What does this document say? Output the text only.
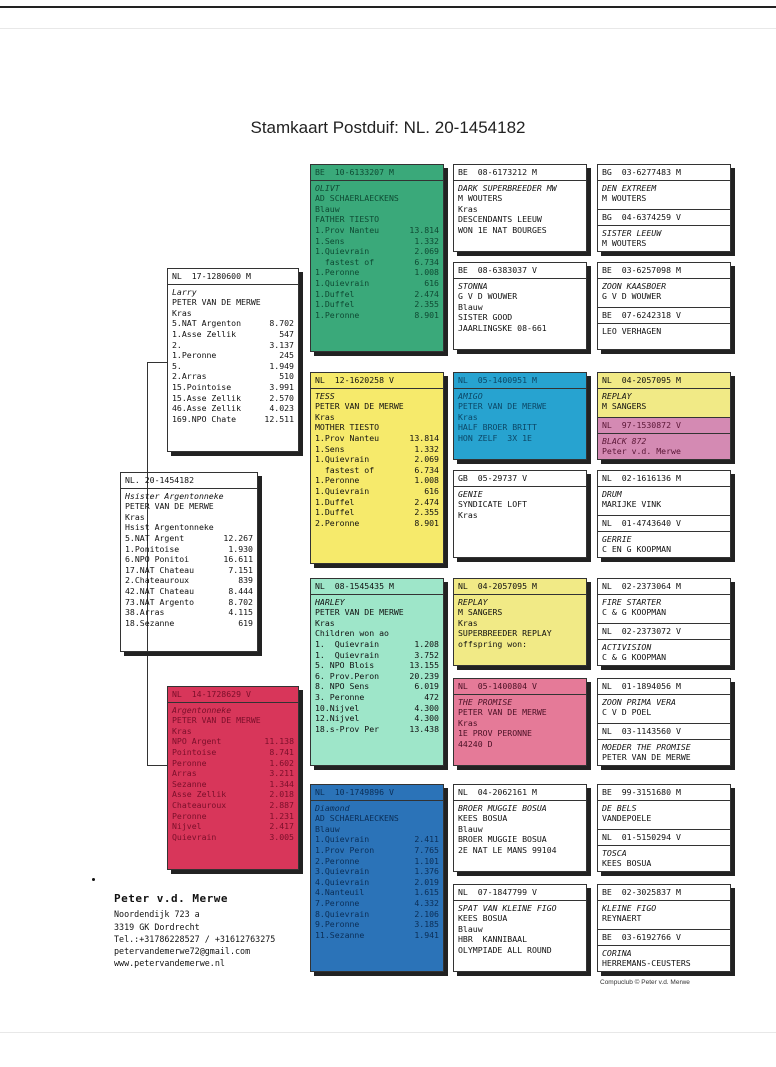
Stamkaart Postduif: NL. 20-1454182
NL. 20-1454182
Hsister Argentonneke
PETER VAN DE MERWE
Kras
Hsist Argentonneke
5.NAT Argent	12.267
1.Ponitoise	1.930
6.NPO Ponitoi	16.611
17.NAT Chateau	7.151
2.Chateauroux	839
42.NAT Chateau	8.444
73.NAT Argento	8.702
38.Arras	4.115
18.Sezanne	619
NL  17-1280600 M
Larry
PETER VAN DE MERWE
Kras
5.NAT Argenton	8.702
1.Asse Zellik	547
2.	3.137
1.Peronne	245
5.	1.949
2.Arras	510
15.Pointoise	3.991
15.Asse Zellik	2.570
46.Asse Zellik	4.023
169.NPO Chate	12.511
NL  14-1728629 V
Argentonneke
PETER VAN DE MERWE
Kras
NPO Argent	11.138
Pointoise	8.741
Peronne	1.602
Arras	3.211
Sezanne	1.344
Asse Zellik	2.018
Chateauroux	2.887
Peronne	1.231
Nijvel	2.417
Quievrain	3.005
BE  10-6133207 M
OLIVT
AD SCHAERLAECKENS
Blauw
FATHER TIESTO
1.Prov Nanteu	13.814
1.Sens	1.332
1.Quievrain	2.069
fastest of	6.734
1.Peronne	1.008
1.Quievrain	616
1.Duffel	2.474
1.Duffel	2.355
1.Peronne	8.901
NL  12-1620258 V
TESS
PETER VAN DE MERWE
Kras
MOTHER TIESTO
1.Prov Nanteu	13.814
1.Sens	1.332
1.Quievrain	2.069
fastest of	6.734
1.Peronne	1.008
1.Quievrain	616
1.Duffel	2.474
1.Duffel	2.355
2.Peronne	8.901
NL  08-1545435 M
HARLEY
PETER VAN DE MERWE
Kras
Children won ao
1.  Quievrain	1.208
1.  Quievrain	3.752
5. NPO Blois	13.155
6. Prov.Peron	20.239
8. NPO Sens	6.019
3. Peronne	472
10.Nijvel	4.300
12.Nijvel	4.300
18.s-Prov Per	13.438
NL  10-1749896 V
Diamond
AD SCHAERLAECKENS
Blauw
1.Quievrain	2.411
1.Prov Peron	7.765
2.Peronne	1.101
3.Quievrain	1.376
4.Quievrain	2.019
4.Nanteuil	1.615
7.Peronne	4.332
8.Quievrain	2.106
9.Peronne	3.185
11.Sezanne	1.941
BE  08-6173212 M
DARK SUPERBREEDER MW
M WOUTERS
Kras
DESCENDANTS LEEUW
WON 1E NAT BOURGES
BE  08-6383037 V
STONNA
G V D WOUWER
Blauw
SISTER GOOD
JAARLINGSKE 08-661
NL  05-1400951 M
AMIGO
PETER VAN DE MERWE
Kras
HALF BROER BRITT
HON ZELF  3X 1E
GB  05-29737 V
GENIE
SYNDICATE LOFT
Kras
NL  04-2057095 M
REPLAY
M SANGERS
Kras
SUPERBREEDER REPLAY
offspring won:
NL  05-1400804 V
THE PROMISE
PETER VAN DE MERWE
Kras
1E PROV PERONNE
44240 D
NL  04-2062161 M
BROER MUGGIE BOSUA
KEES BOSUA
Blauw
BROER MUGGIE BOSUA
2E NAT LE MANS 99104
NL  07-1847799 V
SPAT VAN KLEINE FIGO
KEES BOSUA
Blauw
HBR  KANNIBAAL
OLYMPIADE ALL ROUND
BG  03-6277483 M
DEN EXTREEM
M WOUTERS
BG  04-6374259 V
SISTER LEEUW
M WOUTERS
BE  03-6257098 M
ZOON KAASBOER
G V D WOUWER
BE  07-6242318 V
LEO VERHAGEN
NL  04-2057095 M
REPLAY
M SANGERS
NL  97-1530872 V
BLACK 872
Peter v.d. Merwe
NL  02-1616136 M
DRUM
MARIJKE VINK
NL  01-4743640 V
GERRIE
C EN G KOOPMAN
NL  02-2373064 M
FIRE STARTER
C & G KOOPMAN
NL  02-2373072 V
ACTIVISION
C & G KOOPMAN
NL  01-1894056 M
ZOON PRIMA VERA
C V D POEL
NL  03-1143560 V
MOEDER THE PROMISE
PETER VAN DE MERWE
BE  99-3151680 M
DE BELS
VANDEPOELE
NL  01-5150294 V
TOSCA
KEES BOSUA
BE  02-3025837 M
KLEINE FIGO
REYNAERT
BE  03-6192766 V
CORINA
HERREMANS-CEUSTERS
Peter v.d. Merwe
Noordendijk 723 a
3319 GK Dordrecht
Tel.:+31786228527 / +31612763275
petervandemerwe72@gmail.com
www.petervandemerwe.nl
Compuclub © Peter v.d. Merwe
